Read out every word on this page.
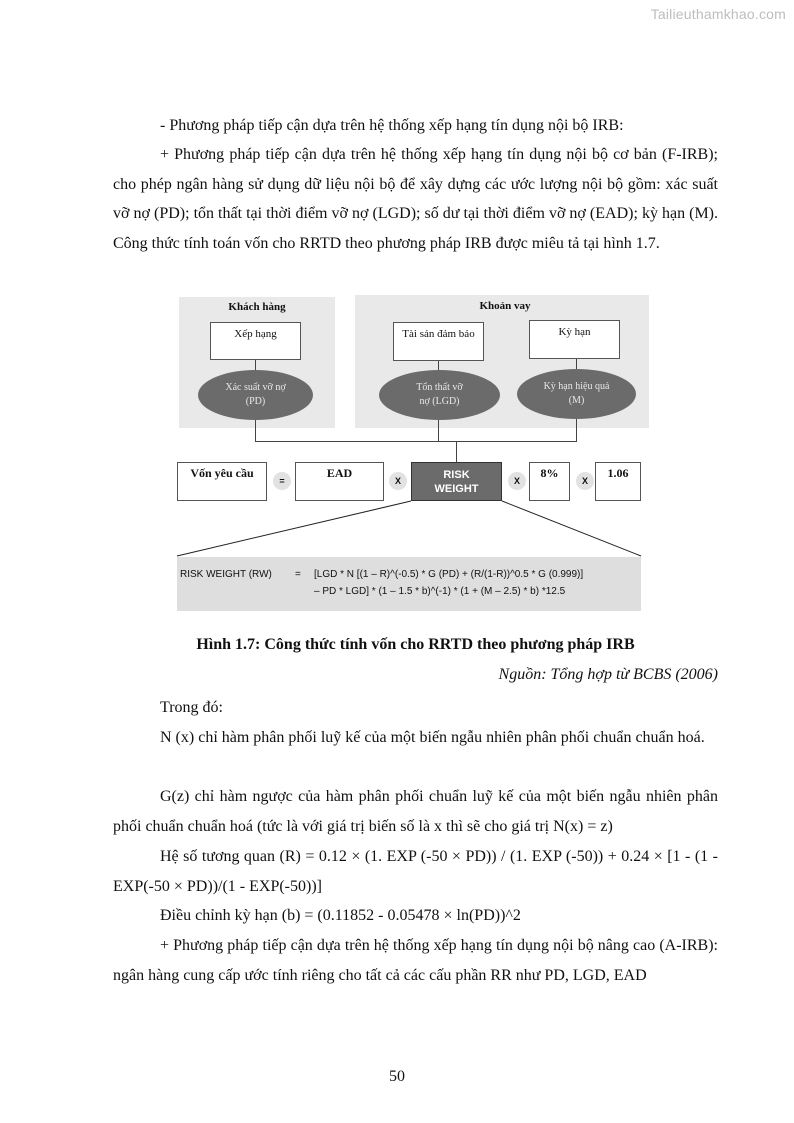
Tailieuthamkhao.com

- Phương pháp tiếp cận dựa trên hệ thống xếp hạng tín dụng nội bộ IRB:

+ Phương pháp tiếp cận dựa trên hệ thống xếp hạng tín dụng nội bộ cơ bản (F-IRB); cho phép ngân hàng sử dụng dữ liệu nội bộ để xây dựng các ước lượng nội bộ gồm: xác suất vỡ nợ (PD); tổn thất tại thời điểm vỡ nợ (LGD); số dư tại thời điểm vỡ nợ (EAD); kỳ hạn (M). Công thức tính toán vốn cho RRTD theo phương pháp IRB được miêu tả tại hình 1.7.

Khách hàng	Khoản vay
Xếp hạng	Tài sản đảm bảo	Kỳ hạn
Xác suất vỡ nợ
(PD)
Tổn thất vỡ
nợ (LGD)
Kỳ hạn hiệu quả
(M)
Vốn yêu cầu
=
EAD
X	RISK
WEIGHT
X
8%
X
1.06
RISK WEIGHT (RW) = [LGD * N [(1 – R)^(-0.5) * G (PD) + (R/(1-R))^0.5 * G (0.999)]
– PD * LGD] * (1 – 1.5 * b)^(-1) * (1 + (M – 2.5) * b) *12.5
Hình 1.7: Công thức tính vốn cho RRTD theo phương pháp IRB
Nguồn: Tổng hợp từ BCBS (2006)

Trong đó:

N (x) chỉ hàm phân phối luỹ kế của một biến ngẫu nhiên phân phối chuẩn chuẩn hoá.

G(z) chỉ hàm ngược của hàm phân phối chuẩn luỹ kế của một biến ngẫu nhiên phân phối chuẩn chuẩn hoá (tức là với giá trị biến số là x thì sẽ cho giá trị N(x) = z)

Hệ số tương quan (R) = 0.12 × (1. EXP (-50 × PD)) / (1. EXP (-50)) + 0.24 × [1 - (1 - EXP(-50 × PD))/(1 - EXP(-50))]

Điều chỉnh kỳ hạn (b) = (0.11852 - 0.05478 × ln(PD))^2

+ Phương pháp tiếp cận dựa trên hệ thống xếp hạng tín dụng nội bộ nâng cao (A-IRB): ngân hàng cung cấp ước tính riêng cho tất cả các cấu phần RR như PD, LGD, EAD

50
